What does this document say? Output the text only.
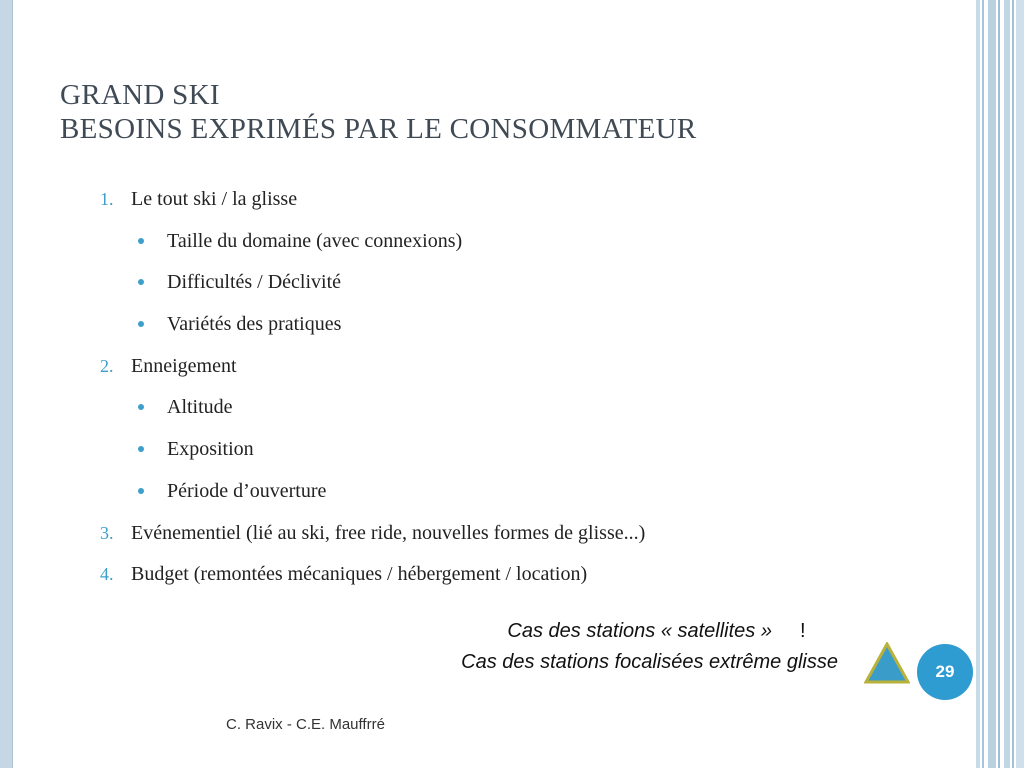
GRAND SKI
BESOINS EXPRIMÉS PAR LE CONSOMMATEUR
1. Le tout ski / la glisse
Taille du domaine (avec connexions)
Difficultés / Déclivité
Variétés des pratiques
2. Enneigement
Altitude
Exposition
Période d’ouverture
3. Evénementiel (lié au ski, free ride, nouvelles formes de glisse...)
4. Budget (remontées mécaniques / hébergement / location)
Cas des stations « satellites » !
Cas des stations focalisées extrême glisse	29
C. Ravix - C.E. Mauffrré
